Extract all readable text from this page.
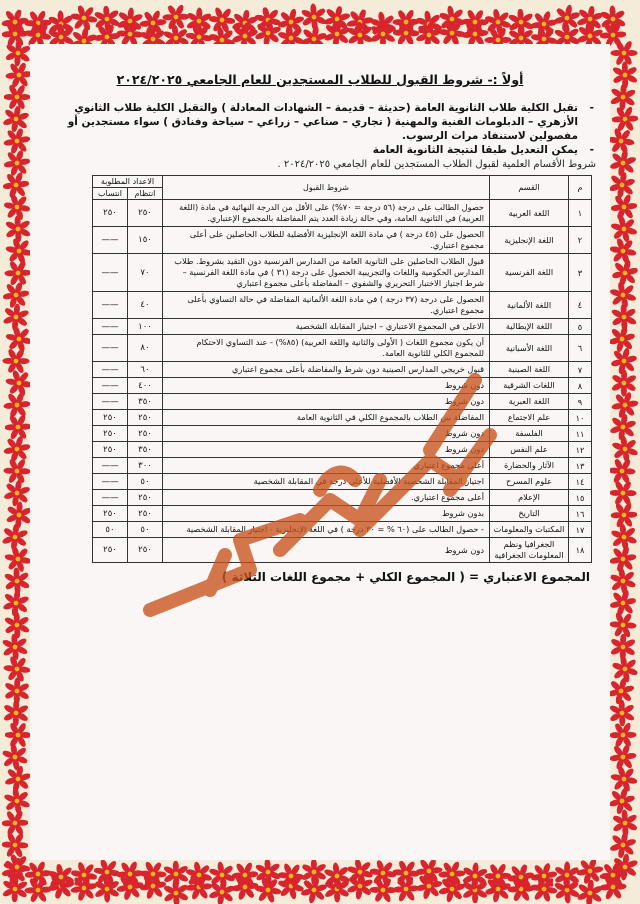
أولاً :- شروط القبول للطلاب المستجدين للعام الجامعي ٢٠٢٤/٢٠٢٥
-
تقبل الكلية طلاب الثانوية العامة (حديثة – قديمة – الشهادات المعادلة ) والتقبل الكلية طلاب الثانوي الأزهري – الدبلومات الفنية والمهنية ( تجاري – صناعي – زراعي – سياحة وفنادق ) سواء مستجدين أو مفصولين لاستنفاد مرات الرسوب.
-
يمكن التعديل طبقا لنتيجة الثانوية العامة
شروط الأقسام العلمية لقبول الطلاب المستجدين للعام الجامعي ٢٠٢٤/٢٠٢٥ .
م	القسم	شروط القبول	الاعداد المطلوبة	
			انتظام	انتساب
١	اللغة العربية	حصول الطالب على درجة (٥٦ درجة = ٧٠%) على الأقل من الدرجة النهائية في مادة (اللغة العربية) في الثانوية العامة، وفي حالة زيادة العدد يتم المفاضلة بالمجموع الإعتباري.	٢٥٠	٢٥٠
٢	اللغة الإنجليزية	الحصول على (٤٥ درجة ) في مادة اللغة الإنجليزية الأفضلية للطلاب الحاصلين على أعلى مجموع اعتباري.	١٥٠	——
٣	اللغة الفرنسية	قبول الطلاب الحاصلين على الثانوية العامة من المدارس الفرنسية دون التقيد بشروط. طلاب المدارس الحكومية واللغات والتجريبية الحصول على درجة (٣١ ) في مادة اللغة الفرنسية – شرط اجتياز الاختبار التحريري والشفوي – المفاضلة بأعلى مجموع اعتباري	٧٠	——
٤	اللغة الألمانية	الحصول على درجة (٣٧ درجة ) في مادة اللغة الألمانية المفاضلة في حالة التساوي بأعلى مجموع اعتباري.	٤٠	——
٥	اللغة الإيطالية	الاعلى في المجموع الاعتباري – اجتياز المقابلة الشخصية	١٠٠	——
٦	اللغة الأسبانية	أن يكون مجموع اللغات ( الأولى والثانية واللغة العربية) (٨٥%) - عند التساوي الاحتكام للمجموع الكلي للثانوية العامة.	٨٠	——
٧	اللغة الصينية	قبول خريجي المدارس الصينية دون شرط والمفاضلة بأعلى مجموع اعتباري	٦٠	——
٨	اللغات الشرقية	دون شروط	٤٠٠	——
٩	اللغة العبرية	دون شروط	٣٥٠	——
١٠	علم الاجتماع	المفاضلة بين الطلاب بالمجموع الكلي في الثانوية العامة	٢٥٠	٢٥٠
١١	الفلسفة	دون شروط	٢٥٠	٢٥٠
١٢	علم النفس	دون شروط	٣٥٠	٢٥٠
١٣	الآثار والحضارة	أعلى مجموع اعتباري	٣٠٠	——
١٤	علوم المسرح	اجتياز المقابلة الشخصية الأفضلية للأعلى درجة في المقابلة الشخصية	٥٠	——
١٥	الإعلام	أعلى مجموع اعتباري.	٢٥٠	——
١٦	التاريخ	بدون شروط	٢٥٠	٢٥٠
١٧	المكتبات والمعلومات	- حصول الطالب على (٦٠ % = ٣٠ درجة ) في اللغة الإنجليزية - اجتياز المقابلة الشخصية	٥٠	٥٠
١٨	الجغرافيا ونظم المعلومات الجغرافية	دون شروط	٢٥٠	٢٥٠
المجموع الاعتباري = ( المجموع الكلي + مجموع اللغات الثلاثة )
